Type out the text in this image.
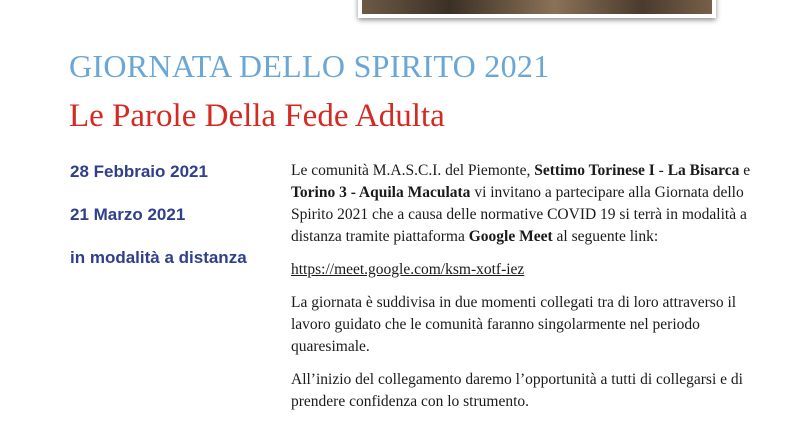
GIORNATA DELLO SPIRITO 2021
Le Parole Della Fede Adulta
28 Febbraio 2021
21 Marzo 2021
in modalità a distanza

Le comunità M.A.S.C.I. del Piemonte, Settimo Torinese I - La Bisarca e Torino 3 - Aquila Maculata vi invitano a partecipare alla Giornata dello Spirito 2021 che a causa delle normative COVID 19 si terrà in modalità a distanza tramite piattaforma Google Meet al seguente link:

https://meet.google.com/ksm-xotf-iez

La giornata è suddivisa in due momenti collegati tra di loro attraverso il lavoro guidato che le comunità faranno singolarmente nel periodo quaresimale.

All’inizio del collegamento daremo l’opportunità a tutti di collegarsi e di prendere confidenza con lo strumento.
